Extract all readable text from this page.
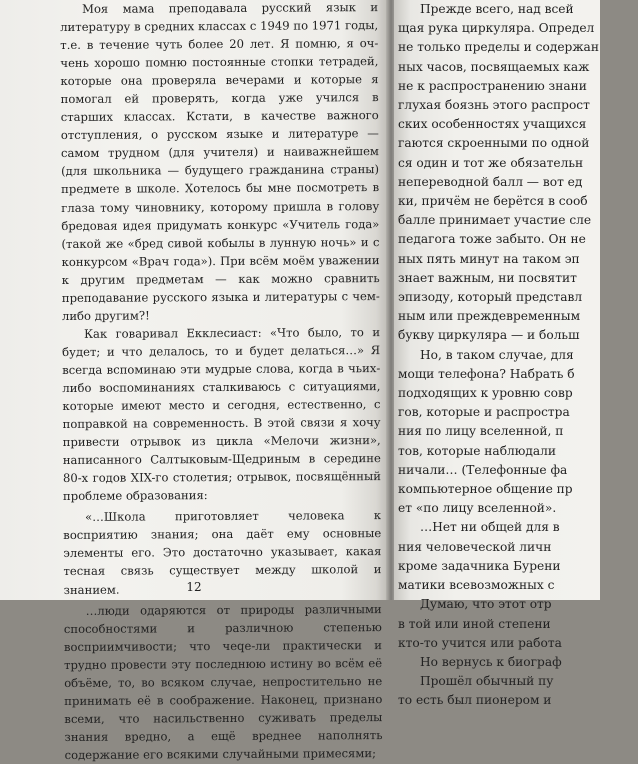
Моя мама преподавала русский язык и литературу в средних классах с 1949 по 1971 годы, т.е. в течение чуть более 20 лет. Я помню, я оч-чень хорошо помню постоянные стопки тетрадей, которые она проверяла вечерами и которые я помогал ей проверять, когда уже учился в старших классах. Кстати, в качестве важного отступления, о русском языке и литературе — самом трудном (для учителя) и наиважнейшем (для школьника — будущего гражданина страны) предмете в школе. Хотелось бы мне посмотреть в глаза тому чиновнику, которому пришла в голову бредовая идея придумать конкурс «Учитель года» (такой же «бред сивой кобылы в лунную ночь» и с конкурсом «Врач года»). При всём моём уважении к другим предметам — как можно сравнить преподавание русского языка и литературы с чем-либо другим?!

Как говаривал Екклесиаст: «Что было, то и будет; и что делалось, то и будет делаться…» Я всегда вспоминаю эти мудрые слова, когда в чьих-либо воспоминаниях сталкиваюсь с ситуациями, которые имеют место и сегодня, естественно, с поправкой на современность. В этой связи я хочу привести отрывок из цикла «Мелочи жизни», написанного Салтыковым-Щедриным в середине 80-х годов XIX-го столетия; отрывок, посвящённый проблеме образования:

«…Школа приготовляет человека к восприятию знания; она даёт ему основные элементы его. Это достаточно указывает, какая тесная связь существует между школой и знанием.

…люди одаряются от природы различными способностями и различною степенью восприимчивости; что чеqe-ли практически и трудно провести эту последнюю истину во всём её объёме, то, во всяком случае, непростительно не принимать её в соображение. Наконец, признано всеми, что насильственно суживать пределы знания вредно, а ещё вреднее наполнять содержание его всякими случайными примесями;

12
Прежде всего, над всей
щая рука циркуляра. Определ
не только пределы и содержан
ных часов, посвящаемых каж
не к распространению знани
глухая боязнь этого распрост
ских особенностях учащихся
гаются скроенными по одной
ся один и тот же обязательн
непереводной балл — вот ед
ки, причём не берётся в сооб
балле принимает участие сле
педагога тоже забыто. Он не
ных пять минут на таком эп
знает важным, ни посвятит
эпизоду, который представл
ным или преждевременным
букву циркуляра — и больш
Но, в таком случае, для
мощи телефона? Набрать б
подходящих к уровню совр
гов, которые и распростра
ния по лицу вселенной, п
тов, которые наблюдали
ничали… (Телефонные фа
компьютерное общение пр
ет «по лицу вселенной».
…Нет ни общей для в
ния человеческой личн
кроме задачника Бурени
матики всевозможных с
Думаю, что этот отр
в той или иной степени
кто-то учится или работа
Но вернусь к биограф
Прошёл обычный пу
то есть был пионером и
